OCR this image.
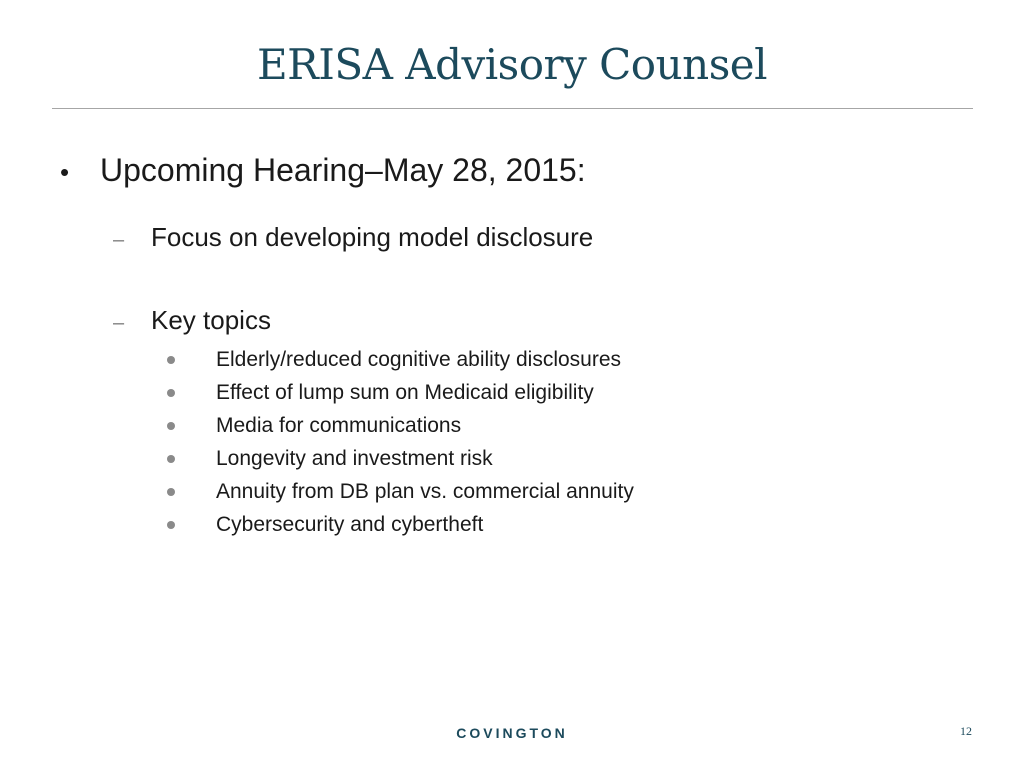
ERISA Advisory Counsel
• Upcoming Hearing–May 28, 2015:
–	Focus on developing model disclosure
–	Key topics
Elderly/reduced cognitive ability disclosures
Effect of lump sum on Medicaid eligibility
Media for communications
Longevity and investment risk
Annuity from DB plan vs. commercial annuity
Cybersecurity and cybertheft
COVINGTON	12
